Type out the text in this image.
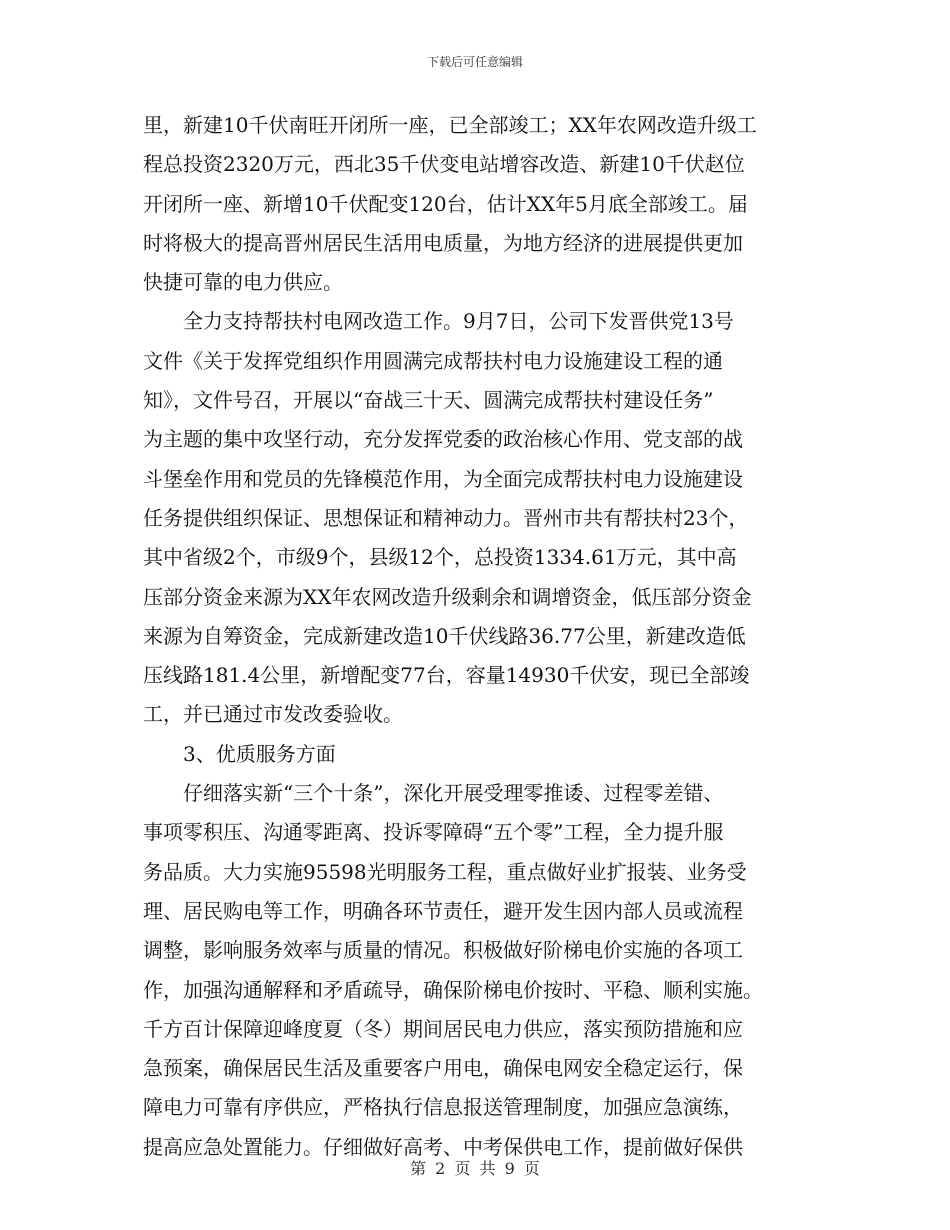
下载后可任意编辑
里，新建10千伏南旺开闭所一座，已全部竣工；XX年农网改造升级工
程总投资2320万元，西北35千伏变电站增容改造、新建10千伏赵位
开闭所一座、新增10千伏配变120台，估计XX年5月底全部竣工。届
时将极大的提高晋州居民生活用电质量，为地方经济的进展提供更加
快捷可靠的电力供应。
全力支持帮扶村电网改造工作。9月7日，公司下发晋供党13号
文件《关于发挥党组织作用圆满完成帮扶村电力设施建设工程的通
知》，文件号召，开展以“奋战三十天、圆满完成帮扶村建设任务”
为主题的集中攻坚行动，充分发挥党委的政治核心作用、党支部的战
斗堡垒作用和党员的先锋模范作用，为全面完成帮扶村电力设施建设
任务提供组织保证、思想保证和精神动力。晋州市共有帮扶村23个，
其中省级2个，市级9个，县级12个，总投资1334.61万元，其中高
压部分资金来源为XX年农网改造升级剩余和调增资金，低压部分资金
来源为自筹资金，完成新建改造10千伏线路36.77公里，新建改造低
压线路181.4公里，新增配变77台，容量14930千伏安，现已全部竣
工，并已通过市发改委验收。
3、优质服务方面
仔细落实新“三个十条”，深化开展受理零推诿、过程零差错、
事项零积压、沟通零距离、投诉零障碍“五个零”工程，全力提升服
务品质。大力实施95598光明服务工程，重点做好业扩报装、业务受
理、居民购电等工作，明确各环节责任，避开发生因内部人员或流程
调整，影响服务效率与质量的情况。积极做好阶梯电价实施的各项工
作，加强沟通解释和矛盾疏导，确保阶梯电价按时、平稳、顺利实施。
千方百计保障迎峰度夏（冬）期间居民电力供应，落实预防措施和应
急预案，确保居民生活及重要客户用电，确保电网安全稳定运行，保
障电力可靠有序供应，严格执行信息报送管理制度，加强应急演练，
提高应急处置能力。仔细做好高考、中考保供电工作，提前做好保供
第 2 页 共 9 页
